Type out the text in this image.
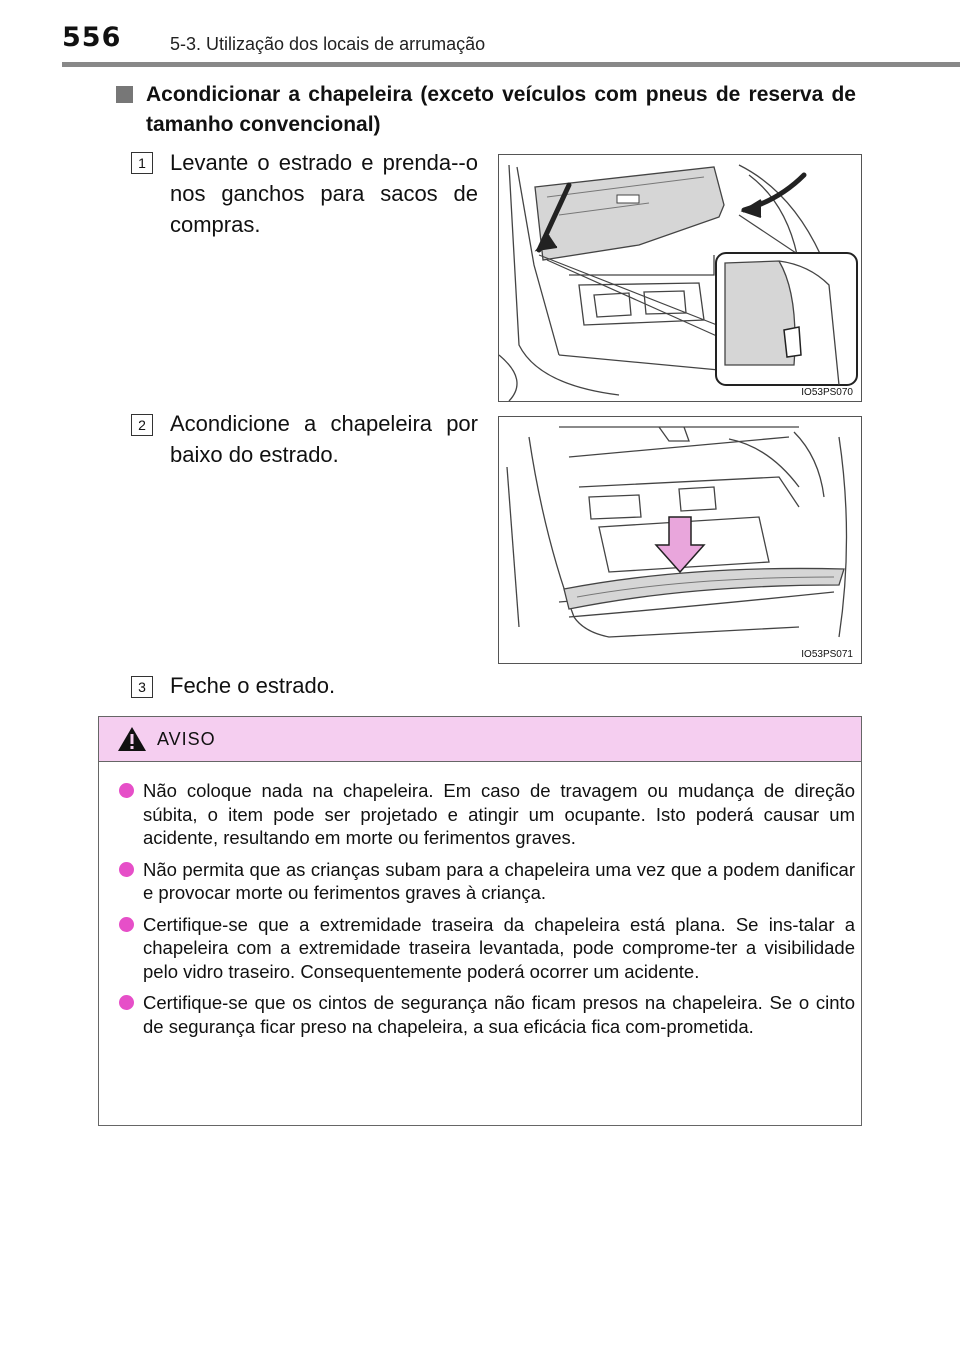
556	5-3. Utilização dos locais de arrumação
Acondicionar a chapeleira (exceto veículos com pneus de reserva de tamanho convencional)
1	Levante o estrado e prenda--o nos ganchos para sacos de compras.
IO53PS070
2	Acondicione a chapeleira por baixo do estrado.
IO53PS071
3	Feche o estrado.
AVISO
Não coloque nada na chapeleira. Em caso de travagem ou mudança de direção súbita, o item pode ser projetado e atingir um ocupante. Isto poderá causar um acidente, resultando em morte ou ferimentos graves.
Não permita que as crianças subam para a chapeleira uma vez que a podem danificar e provocar morte ou ferimentos graves à criança.
Certifique-se que a extremidade traseira da chapeleira está plana. Se ins-talar a chapeleira com a extremidade traseira levantada, pode comprome-ter a visibilidade pelo vidro traseiro. Consequentemente poderá ocorrer um acidente.
Certifique-se que os cintos de segurança não ficam presos na chapeleira. Se o cinto de segurança ficar preso na chapeleira, a sua eficácia fica com-prometida.
